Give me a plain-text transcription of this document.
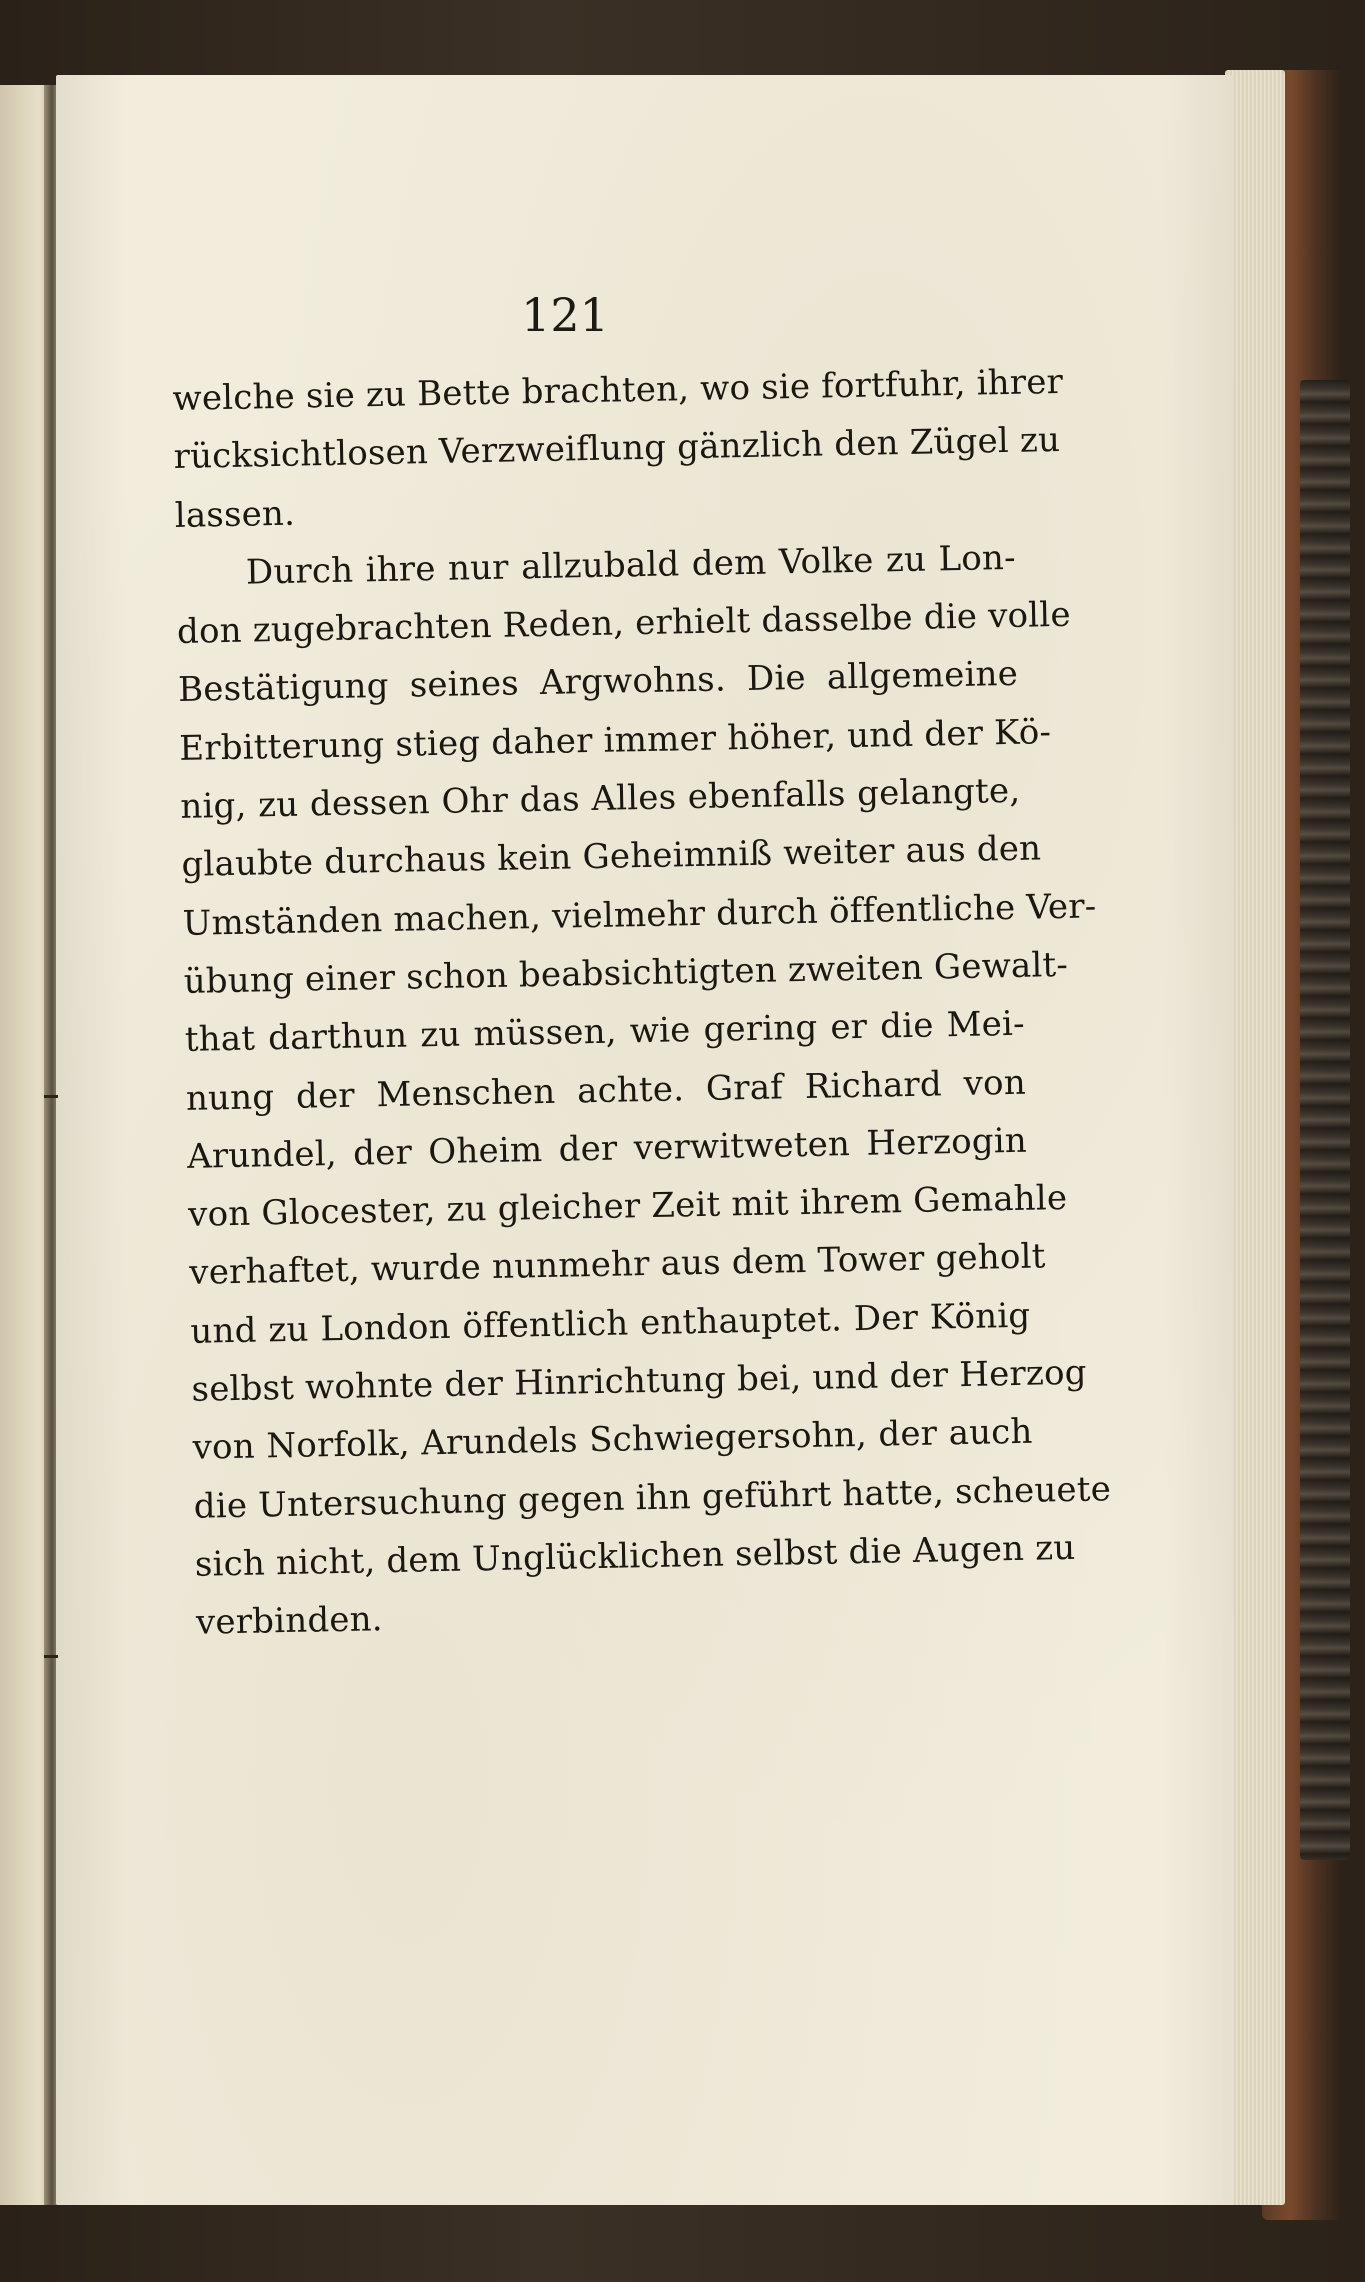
121
welche sie zu Bette brachten, wo sie fortfuhr, ihrer
rücksichtlosen Verzweiflung gänzlich den Zügel zu
lassen.
Durch ihre nur allzubald dem Volke zu Lon-
don zugebrachten Reden, erhielt dasselbe die volle
Bestätigung seines Argwohns. Die allgemeine
Erbitterung stieg daher immer höher, und der Kö-
nig, zu dessen Ohr das Alles ebenfalls gelangte,
glaubte durchaus kein Geheimniß weiter aus den
Umständen machen, vielmehr durch öffentliche Ver-
übung einer schon beabsichtigten zweiten Gewalt-
that darthun zu müssen, wie gering er die Mei-
nung der Menschen achte. Graf Richard von
Arundel, der Oheim der verwitweten Herzogin
von Glocester, zu gleicher Zeit mit ihrem Gemahle
verhaftet, wurde nunmehr aus dem Tower geholt
und zu London öffentlich enthauptet. Der König
selbst wohnte der Hinrichtung bei, und der Herzog
von Norfolk, Arundels Schwiegersohn, der auch
die Untersuchung gegen ihn geführt hatte, scheuete
sich nicht, dem Unglücklichen selbst die Augen zu
verbinden.
